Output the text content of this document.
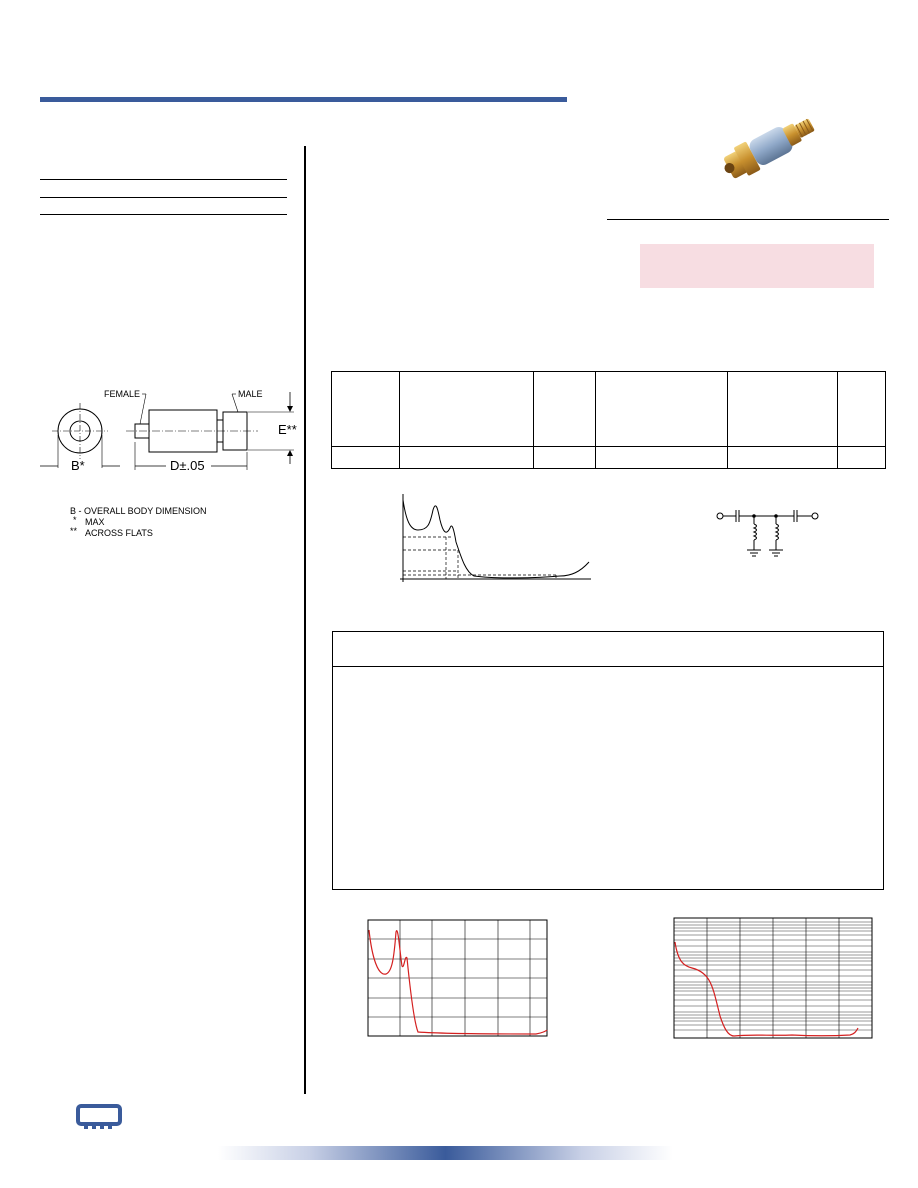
FEMALE	MALE
B*	D±.05
E**
B - OVERALL BODY DIMENSION
* MAX
** ACROSS FLATS
